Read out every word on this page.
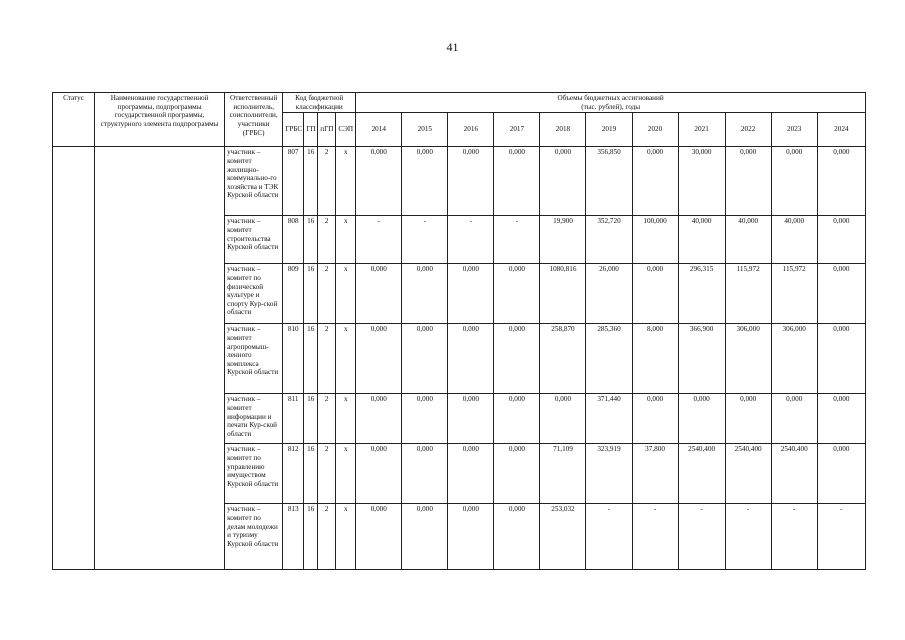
41
Статус	Наименование государственной программы, подпрограммы государственной программы, структурного элемента подпрограммы	Ответственный исполнитель, соисполнители, участники (ГРБС)	Код бюджетной классификации				Объемы бюджетных ассигнований
(тыс. рублей), годы										
			ГРБС	ГП	пГП	СЭП	2014	2015	2016	2017	2018	2019	2020	2021	2022	2023	2024
		участник – комитет жилищно-коммунально-го хозяйства и ТЭК Курской области	807	16	2	x	0,000	0,000	0,000	0,000	0,000	356,850	0,000	30,000	0,000	0,000	0,000
		участник – комитет строительства Курской области	808	16	2	x	-	-	-	-	19,900	352,720	100,000	40,000	40,000	40,000	0,000
		участник – комитет по физической культуре и спорту Кур-ской области	809	16	2	x	0,000	0,000	0,000	0,000	1080,816	26,000	0,000	296,315	115,972	115,972	0,000
		участник – комитет агропромыш-ленного комплекса Курской области	810	16	2	x	0,000	0,000	0,000	0,000	258,870	285,360	8,000	366,900	306,000	306,000	0,000
		участник – комитет информации и печати Кур-ской области	811	16	2	x	0,000	0,000	0,000	0,000	0,000	371,440	0,000	0,000	0,000	0,000	0,000
		участник – комитет по управлению имуществом Курской области	812	16	2	x	0,000	0,000	0,000	0,000	71,109	323,919	37,800	2540,400	2540,400	2540,400	0,000
		участник – комитет по делам молодежи и туризму Курской области	813	16	2	x	0,000	0,000	0,000	0,000	253,032	-	-	-	-	-	-
